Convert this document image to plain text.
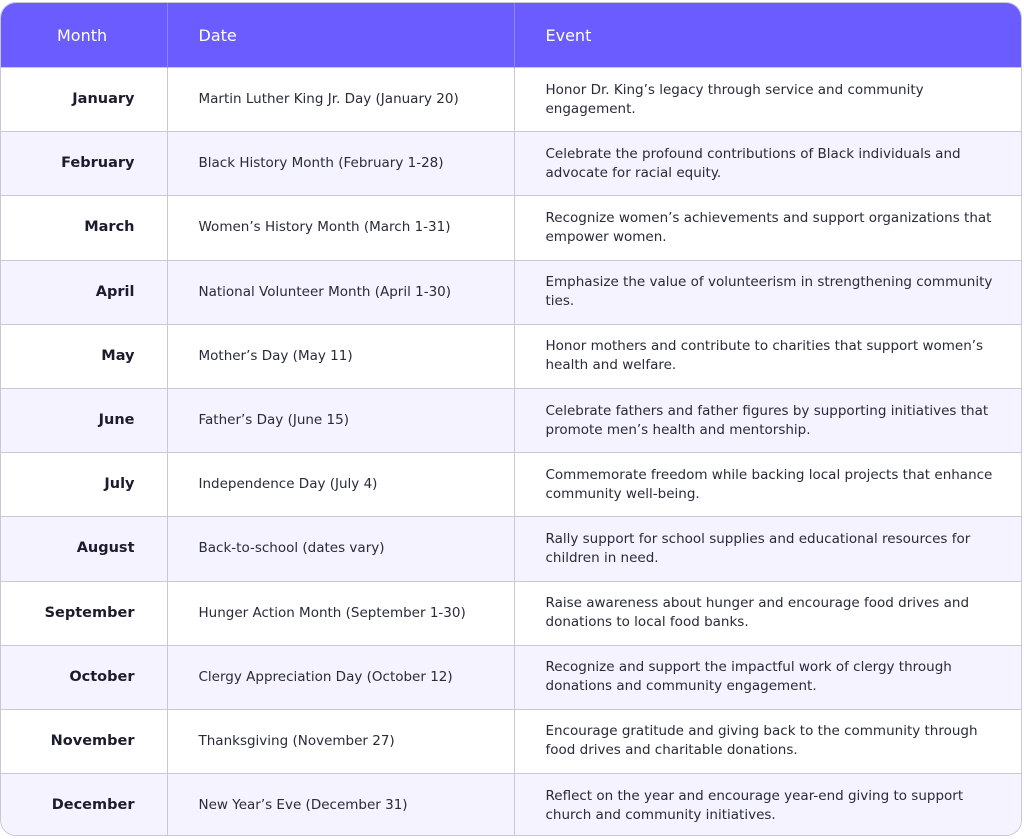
Month	Date	Event
January	Martin Luther King Jr. Day (January 20)	Honor Dr. King’s legacy through service and community engagement.
February	Black History Month (February 1-28)	Celebrate the profound contributions of Black individuals and advocate for racial equity.
March	Women’s History Month (March 1-31)	Recognize women’s achievements and support organizations that empower women.
April	National Volunteer Month (April 1-30)	Emphasize the value of volunteerism in strengthening community ties.
May	Mother’s Day (May 11)	Honor mothers and contribute to charities that support women’s health and welfare.
June	Father’s Day (June 15)	Celebrate fathers and father figures by supporting initiatives that promote men’s health and mentorship.
July	Independence Day (July 4)	Commemorate freedom while backing local projects that enhance community well-being.
August	Back-to-school (dates vary)	Rally support for school supplies and educational resources for children in need.
September	Hunger Action Month (September 1-30)	Raise awareness about hunger and encourage food drives and donations to local food banks.
October	Clergy Appreciation Day (October 12)	Recognize and support the impactful work of clergy through donations and community engagement.
November	Thanksgiving (November 27)	Encourage gratitude and giving back to the community through food drives and charitable donations.
December	New Year’s Eve (December 31)	Reflect on the year and encourage year-end giving to support church and community initiatives.
